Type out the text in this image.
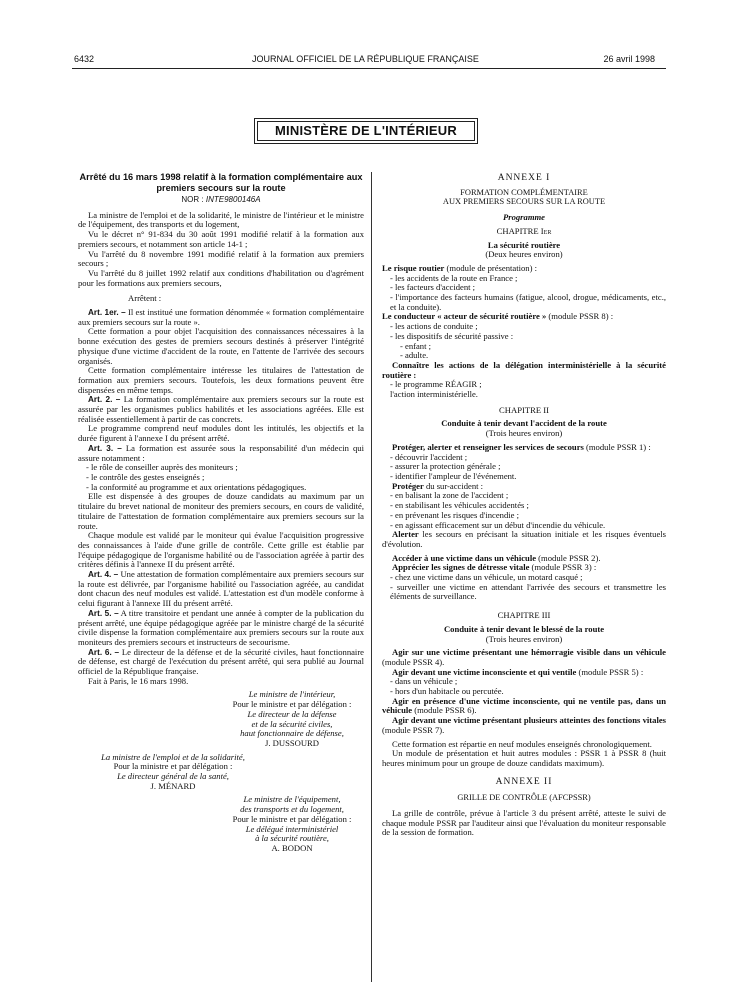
6432	JOURNAL OFFICIEL DE LA RÉPUBLIQUE FRANÇAISE	26 avril 1998
MINISTÈRE DE L'INTÉRIEUR

Arrêté du 16 mars 1998 relatif à la formation complémentaire aux premiers secours sur la route

NOR : INTE9800146A

La ministre de l'emploi et de la solidarité, le ministre de l'intérieur et le ministre de l'équipement, des transports et du logement,

Vu le décret n° 91-834 du 30 août 1991 modifié relatif à la formation aux premiers secours, et notamment son article 14-1 ;

Vu l'arrêté du 8 novembre 1991 modifié relatif à la formation aux premiers secours ;

Vu l'arrêté du 8 juillet 1992 relatif aux conditions d'habilitation ou d'agrément pour les formations aux premiers secours,

Arrêtent :

Art. 1er. – Il est institué une formation dénommée « formation complémentaire aux premiers secours sur la route ».

Cette formation a pour objet l'acquisition des connaissances nécessaires à la bonne exécution des gestes de premiers secours destinés à préserver l'intégrité physique d'une victime d'accident de la route, en l'attente de l'arrivée des secours organisés.

Cette formation complémentaire intéresse les titulaires de l'attestation de formation aux premiers secours. Toutefois, les deux formations peuvent être dispensées en même temps.

Art. 2. – La formation complémentaire aux premiers secours sur la route est assurée par les organismes publics habilités et les associations agréées. Elle est réalisée essentiellement à partir de cas concrets.

Le programme comprend neuf modules dont les intitulés, les objectifs et la durée figurent à l'annexe I du présent arrêté.

Art. 3. – La formation est assurée sous la responsabilité d'un médecin qui assure notamment :

- le rôle de conseiller auprès des moniteurs ;

- le contrôle des gestes enseignés ;

- la conformité au programme et aux orientations pédagogiques.

Elle est dispensée à des groupes de douze candidats au maximum par un titulaire du brevet national de moniteur des premiers secours, en cours de validité, titulaire de l'attestation de formation complémentaire aux premiers secours sur la route.

Chaque module est validé par le moniteur qui évalue l'acquisition progressive des connaissances à l'aide d'une grille de contrôle. Cette grille est établie par l'équipe pédagogique de l'organisme habilité ou de l'association agréée à partir des critères définis à l'annexe II du présent arrêté.

Art. 4. – Une attestation de formation complémentaire aux premiers secours sur la route est délivrée, par l'organisme habilité ou l'association agréée, au candidat dont chacun des neuf modules est validé. L'attestation est d'un modèle conforme à celui figurant à l'annexe III du présent arrêté.

Art. 5. – A titre transitoire et pendant une année à compter de la publication du présent arrêté, une équipe pédagogique agréée par le ministre chargé de la sécurité civile dispense la formation complémentaire aux premiers secours sur la route aux moniteurs des premiers secours et instructeurs de secourisme.

Art. 6. – Le directeur de la défense et de la sécurité civiles, haut fonctionnaire de défense, est chargé de l'exécution du présent arrêté, qui sera publié au Journal officiel de la République française.

Fait à Paris, le 16 mars 1998.

Le ministre de l'intérieur,

Pour le ministre et par délégation :

Le directeur de la défense

et de la sécurité civiles,

haut fonctionnaire de défense,

J. DUSSOURD

La ministre de l'emploi et de la solidarité,

Pour la ministre et par délégation :

Le directeur général de la santé,

J. MÉNARD

Le ministre de l'équipement,

des transports et du logement,

Pour le ministre et par délégation :

Le délégué interministériel

à la sécurité routière,

A. BODON

ANNEXE I

FORMATION COMPLÉMENTAIRE

AUX PREMIERS SECOURS SUR LA ROUTE

Programme

CHAPITRE Ier

La sécurité routière

(Deux heures environ)

Le risque routier (module de présentation) :

- les accidents de la route en France ;

- les facteurs d'accident ;

- l'importance des facteurs humains (fatigue, alcool, drogue, médicaments, etc., et la conduite).

Le conducteur « acteur de sécurité routière » (module PSSR 8) :

- les actions de conduite ;

- les dispositifs de sécurité passive :

- enfant ;

- adulte.

Connaître les actions de la délégation interministérielle à la sécurité routière :

- le programme RÉAGIR ;

l'action interministérielle.

CHAPITRE II

Conduite à tenir devant l'accident de la route

(Trois heures environ)

Protéger, alerter et renseigner les services de secours (module PSSR 1) :

- découvrir l'accident ;

- assurer la protection générale ;

- identifier l'ampleur de l'événement.

Protéger du sur-accident :

- en balisant la zone de l'accident ;

- en stabilisant les véhicules accidentés ;

- en prévenant les risques d'incendie ;

- en agissant efficacement sur un début d'incendie du véhicule.

Alerter les secours en précisant la situation initiale et les risques éventuels d'évolution.

Accéder à une victime dans un véhicule (module PSSR 2).

Apprécier les signes de détresse vitale (module PSSR 3) :

- chez une victime dans un véhicule, un motard casqué ;

- surveiller une victime en attendant l'arrivée des secours et transmettre les éléments de surveillance.

CHAPITRE III

Conduite à tenir devant le blessé de la route

(Trois heures environ)

Agir sur une victime présentant une hémorragie visible dans un véhicule (module PSSR 4).

Agir devant une victime inconsciente et qui ventile (module PSSR 5) :

- dans un véhicule ;

- hors d'un habitacle ou percutée.

Agir en présence d'une victime inconsciente, qui ne ventile pas, dans un véhicule (module PSSR 6).

Agir devant une victime présentant plusieurs atteintes des fonctions vitales (module PSSR 7).

Cette formation est répartie en neuf modules enseignés chronologiquement.

Un module de présentation et huit autres modules : PSSR 1 à PSSR 8 (huit heures minimum pour un groupe de douze candidats maximum).

ANNEXE II

GRILLE DE CONTRÔLE (AFCPSSR)

La grille de contrôle, prévue à l'article 3 du présent arrêté, atteste le suivi de chaque module PSSR par l'auditeur ainsi que l'évaluation du moniteur responsable de la session de formation.
